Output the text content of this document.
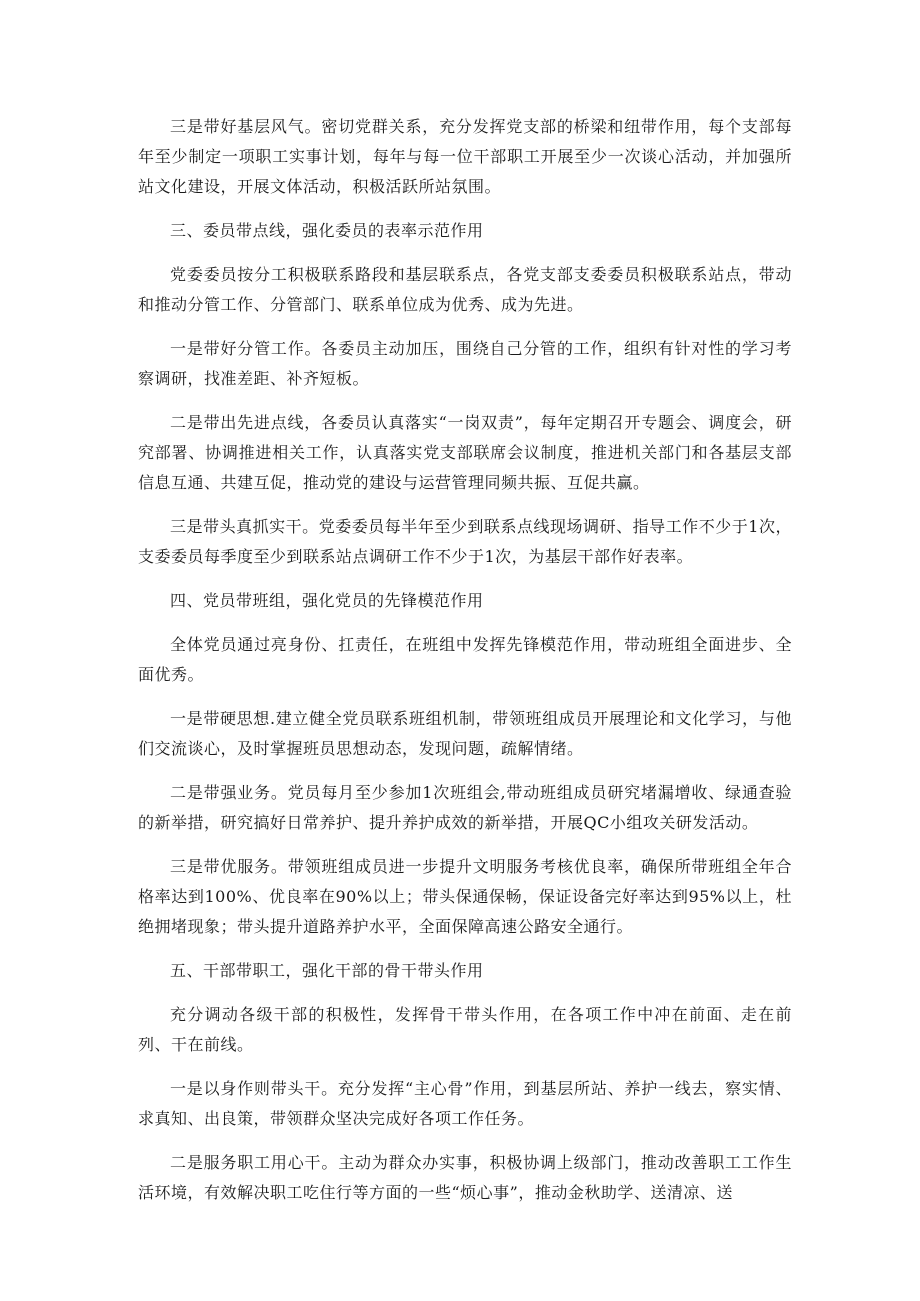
三是带好基层风气。密切党群关系，充分发挥党支部的桥梁和纽带作用，每个支部每年至少制定一项职工实事计划，每年与每一位干部职工开展至少一次谈心活动，并加强所站文化建设，开展文体活动，积极活跃所站氛围。

三、委员带点线，强化委员的表率示范作用

党委委员按分工积极联系路段和基层联系点，各党支部支委委员积极联系站点，带动和推动分管工作、分管部门、联系单位成为优秀、成为先进。

一是带好分管工作。各委员主动加压，围绕自己分管的工作，组织有针对性的学习考察调研，找准差距、补齐短板。

二是带出先进点线，各委员认真落实“一岗双责”，每年定期召开专题会、调度会，研究部署、协调推进相关工作，认真落实党支部联席会议制度，推进机关部门和各基层支部信息互通、共建互促，推动党的建设与运营管理同频共振、互促共赢。

三是带头真抓实干。党委委员每半年至少到联系点线现场调研、指导工作不少于1次，支委委员每季度至少到联系站点调研工作不少于1次，为基层干部作好表率。

四、党员带班组，强化党员的先锋模范作用

全体党员通过亮身份、扛责任，在班组中发挥先锋模范作用，带动班组全面进步、全面优秀。

一是带硬思想.建立健全党员联系班组机制，带领班组成员开展理论和文化学习，与他们交流谈心，及时掌握班员思想动态，发现问题，疏解情绪。

二是带强业务。党员每月至少参加1次班组会,带动班组成员研究堵漏增收、绿通查验的新举措，研究搞好日常养护、提升养护成效的新举措，开展QC小组攻关研发活动。

三是带优服务。带领班组成员进一步提升文明服务考核优良率，确保所带班组全年合格率达到100%、优良率在90%以上；带头保通保畅，保证设备完好率达到95%以上，杜绝拥堵现象；带头提升道路养护水平，全面保障高速公路安全通行。

五、干部带职工，强化干部的骨干带头作用

充分调动各级干部的积极性，发挥骨干带头作用，在各项工作中冲在前面、走在前列、干在前线。

一是以身作则带头干。充分发挥“主心骨”作用，到基层所站、养护一线去，察实情、求真知、出良策，带领群众坚决完成好各项工作任务。

二是服务职工用心干。主动为群众办实事，积极协调上级部门，推动改善职工工作生活环境，有效解决职工吃住行等方面的一些“烦心事”，推动金秋助学、送清凉、送
